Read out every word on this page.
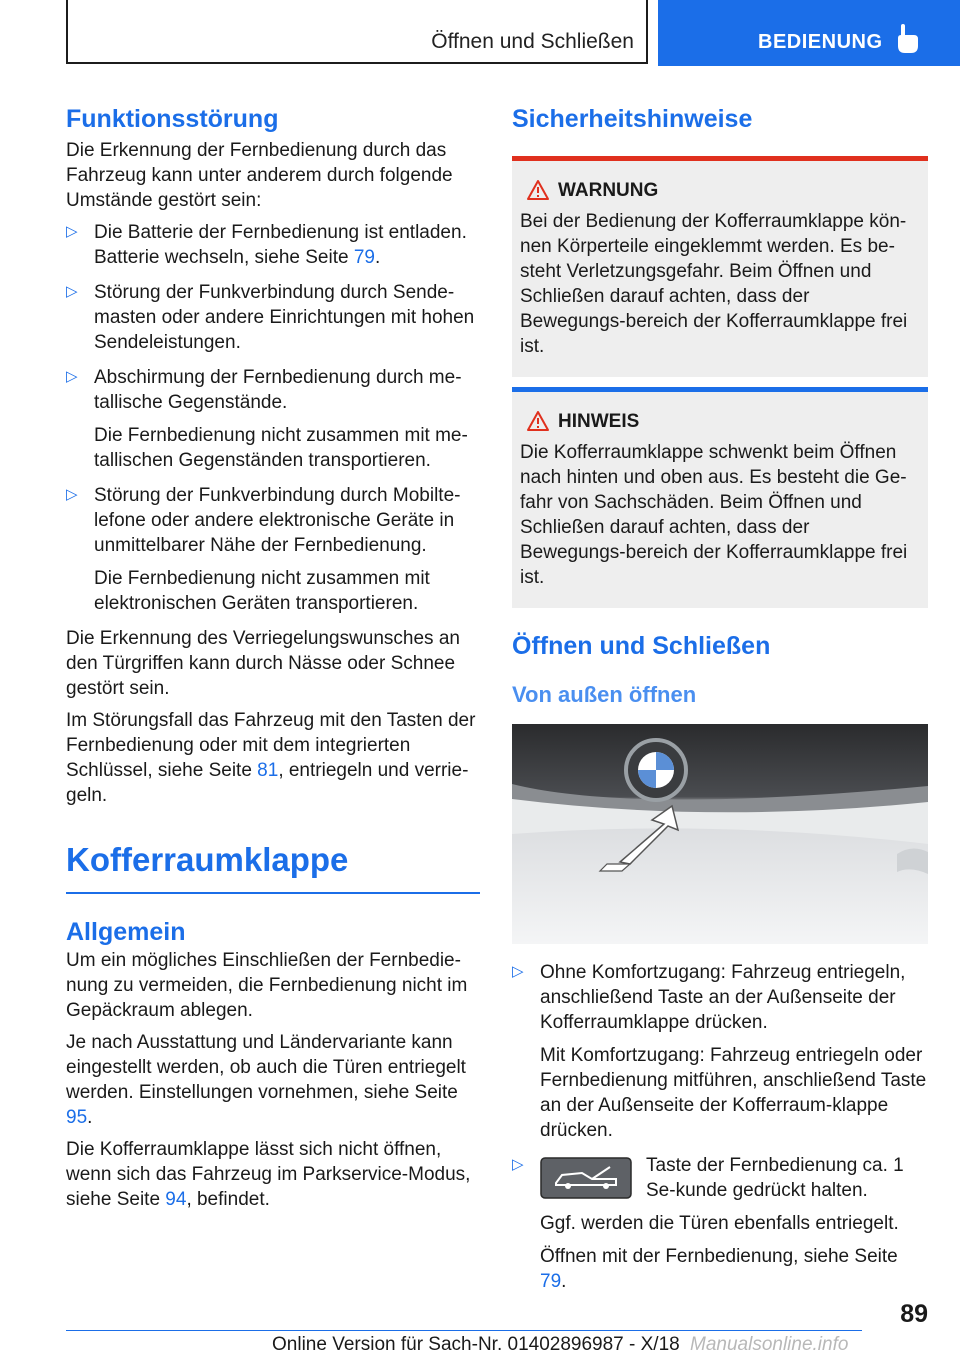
Öffnen und Schließen	BEDIENUNG
Funktionsstörung

Die Erkennung der Fernbedienung durch das Fahrzeug kann unter anderem durch folgende Umstände gestört sein:

▷ Die Batterie der Fernbedienung ist entladen. Batterie wechseln, siehe Seite 79.

▷ Störung der Funkverbindung durch Sende-masten oder andere Einrichtungen mit hohen Sendeleistungen.

▷ Abschirmung der Fernbedienung durch me-tallische Gegenstände.

Die Fernbedienung nicht zusammen mit me-tallischen Gegenständen transportieren.

▷ Störung der Funkverbindung durch Mobilte-lefone oder andere elektronische Geräte in unmittelbarer Nähe der Fernbedienung.

Die Fernbedienung nicht zusammen mit elektronischen Geräten transportieren.

Die Erkennung des Verriegelungswunsches an den Türgriffen kann durch Nässe oder Schnee gestört sein.

Im Störungsfall das Fahrzeug mit den Tasten der Fernbedienung oder mit dem integrierten Schlüssel, siehe Seite 81, entriegeln und verrie-geln.

Kofferraumklappe
Allgemein

Um ein mögliches Einschließen der Fernbedie-nung zu vermeiden, die Fernbedienung nicht im Gepäckraum ablegen.

Je nach Ausstattung und Ländervariante kann eingestellt werden, ob auch die Türen entriegelt werden. Einstellungen vornehmen, siehe Seite 95.

Die Kofferraumklappe lässt sich nicht öffnen, wenn sich das Fahrzeug im Parkservice-Modus, siehe Seite 94, befindet.

Sicherheitshinweise
WARNUNG

Bei der Bedienung der Kofferraumklappe kön-nen Körperteile eingeklemmt werden. Es be-steht Verletzungsgefahr. Beim Öffnen und Schließen darauf achten, dass der Bewegungs-bereich der Kofferraumklappe frei ist.

HINWEIS

Die Kofferraumklappe schwenkt beim Öffnen nach hinten und oben aus. Es besteht die Ge-fahr von Sachschäden. Beim Öffnen und Schließen darauf achten, dass der Bewegungs-bereich der Kofferraumklappe frei ist.

Öffnen und Schließen
Von außen öffnen
▷ Ohne Komfortzugang: Fahrzeug entriegeln, anschließend Taste an der Außenseite der Kofferraumklappe drücken.

Mit Komfortzugang: Fahrzeug entriegeln oder Fernbedienung mitführen, anschließend Taste an der Außenseite der Kofferraum-klappe drücken.

▷	Taste der Fernbedienung ca. 1 Se-kunde gedrückt halten.

Ggf. werden die Türen ebenfalls entriegelt.

Öffnen mit der Fernbedienung, siehe Seite 79.

89
Online Version für Sach-Nr. 01402896987 - X/18 Manualsonline.info
